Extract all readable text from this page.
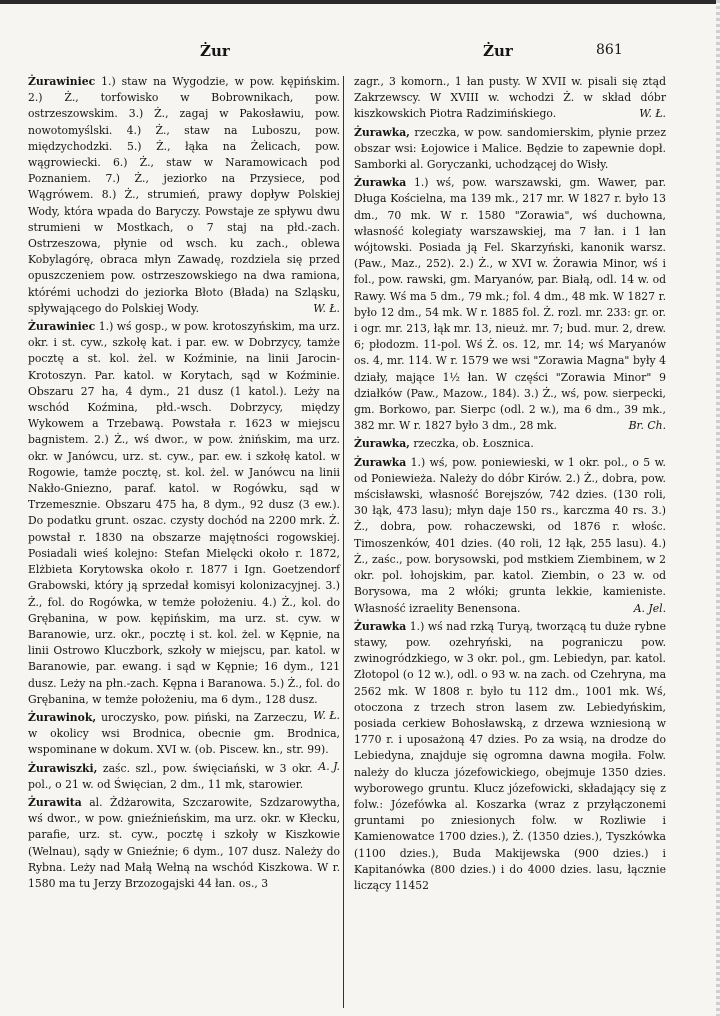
Żur	Żur	861

Żurawiniec 1.) staw na Wygodzie, w pow. kępińskim. 2.) Ż., torfowisko w Bobrownikach, pow. ostrzeszowskim. 3.) Ż., zagaj w Pakosławiu, pow. nowotomyślski. 4.) Ż., staw na Luboszu, pow. międzychodzki. 5.) Ż., łąka na Żelicach, pow. wągrowiecki. 6.) Ż., staw w Naramowicach pod Poznaniem. 7.) Ż., jeziorko na Przysiece, pod Wągrówem. 8.) Ż., strumień, prawy dopływ Polskiej Wody, która wpada do Baryczy. Powstaje ze spływu dwu strumieni w Mostkach, o 7 staj na płd.-zach. Ostrzeszowa, płynie od wsch. ku zach., oblewa Kobylagórę, obraca młyn Zawadę, rozdziela się przed opuszczeniem pow. ostrzeszowskiego na dwa ramiona, którémi uchodzi do jeziorka Błoto (Błada) na Szląsku, spływającego do Polskiej Wody.	W. Ł.

Żurawiniec 1.) wś gosp., w pow. krotoszyńskim, ma urz. okr. i st. cyw., szkołę kat. i par. ew. w Dobrzycy, tamże pocztę a st. kol. żel. w Koźminie, na linii Jarocin-Krotoszyn. Par. katol. w Korytach, sąd w Koźminie. Obszaru 27 ha, 4 dym., 21 dusz (1 katol.). Leży na wschód Koźmina, płd.-wsch. Dobrzycy, między Wykowem a Trzebawą. Powstała r. 1623 w miejscu bagnistem. 2.) Ż., wś dwor., w pow. żnińskim, ma urz. okr. w Janówcu, urz. st. cyw., par. ew. i szkołę katol. w Rogowie, tamże pocztę, st. kol. żel. w Janówcu na linii Nakło-Gniezno, paraf. katol. w Rogówku, sąd w Trzemesznie. Obszaru 475 ha, 8 dym., 92 dusz (3 ew.). Do podatku grunt. oszac. czysty dochód na 2200 mrk. Ż. powstał r. 1830 na obszarze majętności rogowskiej. Posiadali wieś kolejno: Stefan Mielęcki około r. 1872, Elżbieta Korytowska około r. 1877 i Ign. Goetzendorf Grabowski, który ją sprzedał komisyi kolonizacyjnej. 3.) Ż., fol. do Rogówka, w temże położeniu. 4.) Ż., kol. do Grębanina, w pow. kępińskim, ma urz. st. cyw. w Baranowie, urz. okr., pocztę i st. kol. żel. w Kępnie, na linii Ostrowo Kluczbork, szkoły w miejscu, par. katol. w Baranowie, par. ewang. i sąd w Kępnie; 16 dym., 121 dusz. Leży na płn.-zach. Kępna i Baranowa. 5.) Ż., fol. do Grębanina, w temże położeniu, ma 6 dym., 128 dusz.
W. Ł.

Żurawinok, uroczysko, pow. piński, na Zarzeczu, w okolicy wsi Brodnica, obecnie gm. Brodnica, wspominane w dokum. XVI w. (ob. Piscew. kn., str. 99).
A. J.

Żurawiszki, zaśc. szl., pow. święciański, w 3 okr. pol., o 21 w. od Święcian, 2 dm., 11 mk, starowier.

Żurawita al. Żdżarowita, Szczarowite, Szdzarowytha, wś dwor., w pow. gnieźnieńskim, ma urz. okr. w Kłecku, parafie, urz. st. cyw., pocztę i szkoły w Kiszkowie (Welnau), sądy w Gnieźnie; 6 dym., 107 dusz. Należy do Rybna. Leży nad Małą Wełną na wschód Kiszkowa. W r. 1580 ma tu Jerzy Brzozogajski 44 łan. os., 3

zagr., 3 komorn., 1 łan pusty. W XVII w. pisali się ztąd Zakrzewscy. W XVIII w. wchodzi Ż. w skład dóbr kiszkowskich Piotra Radzimińskiego.	W. Ł.

Żurawka, rzeczka, w pow. sandomierskim, płynie przez obszar wsi: Łojowice i Malice. Będzie to zapewnie dopł. Samborki al. Goryczanki, uchodzącej do Wisły.

Żurawka 1.) wś, pow. warszawski, gm. Wawer, par. Długa Kościelna, ma 139 mk., 217 mr. W 1827 r. było 13 dm., 70 mk. W r. 1580 "Zorawia", wś duchowna, własność kolegiaty warszawskiej, ma 7 łan. i 1 łan wójtowski. Posiada ją Fel. Skarzyński, kanonik warsz. (Paw., Maz., 252). 2.) Ż., w XVI w. Żorawia Minor, wś i fol., pow. rawski, gm. Maryanów, par. Białą, odl. 14 w. od Rawy. Wś ma 5 dm., 79 mk.; fol. 4 dm., 48 mk. W 1827 r. było 12 dm., 54 mk. W r. 1885 fol. Ż. rozl. mr. 233: gr. or. i ogr. mr. 213, łąk mr. 13, nieuż. mr. 7; bud. mur. 2, drew. 6; płodozm. 11-pol. Wś Ż. os. 12, mr. 14; wś Maryanów os. 4, mr. 114. W r. 1579 we wsi "Zorawia Magna" były 4 działy, mające 1½ łan. W części "Zorawia Minor" 9 działków (Paw., Mazow., 184). 3.) Ż., wś, pow. sierpecki, gm. Borkowo, par. Sierpc (odl. 2 w.), ma 6 dm., 39 mk., 382 mr. W r. 1827 było 3 dm., 28 mk.	Br. Ch.

Żurawka, rzeczka, ob. Łosznica.

Żurawka 1.) wś, pow. poniewieski, w 1 okr. pol., o 5 w. od Poniewieża. Należy do dóbr Kirów. 2.) Ż., dobra, pow. mścisławski, własność Borejszów, 742 dzies. (130 roli, 30 łąk, 473 lasu); młyn daje 150 rs., karczma 40 rs. 3.) Ż., dobra, pow. rohaczewski, od 1876 r. włośc. Timoszenków, 401 dzies. (40 roli, 12 łąk, 255 lasu). 4.) Ż., zaśc., pow. borysowski, pod mstkiem Ziembinem, w 2 okr. pol. łohojskim, par. katol. Ziembin, o 23 w. od Borysowa, ma 2 włóki; grunta lekkie, kamieniste. Własność izraelity Benensona.	A. Jel.

Żurawka 1.) wś nad rzką Turyą, tworzącą tu duże rybne stawy, pow. ozehryński, na pograniczu pow. zwinogródzkiego, w 3 okr. pol., gm. Lebiedyn, par. katol. Złotopol (o 12 w.), odl. o 93 w. na zach. od Czehryna, ma 2562 mk. W 1808 r. było tu 112 dm., 1001 mk. Wś, otoczona z trzech stron lasem zw. Lebiedyńskim, posiada cerkiew Bohosławską, z drzewa wzniesioną w 1770 r. i uposażoną 47 dzies. Po za wsią, na drodze do Lebiedyna, znajduje się ogromna dawna mogiła. Folw. należy do klucza józefowickiego, obejmuje 1350 dzies. wyborowego gruntu. Klucz józefowicki, składający się z folw.: Józefówka al. Koszarka (wraz z przyłączonemi gruntami po zniesionych folw. w Rozliwie i Kamienowatce 1700 dzies.), Ż. (1350 dzies.), Tyszkówka (1100 dzies.), Buda Makijewska (900 dzies.) i Kapitanówka (800 dzies.) i do 4000 dzies. lasu, łącznie liczący 11452
